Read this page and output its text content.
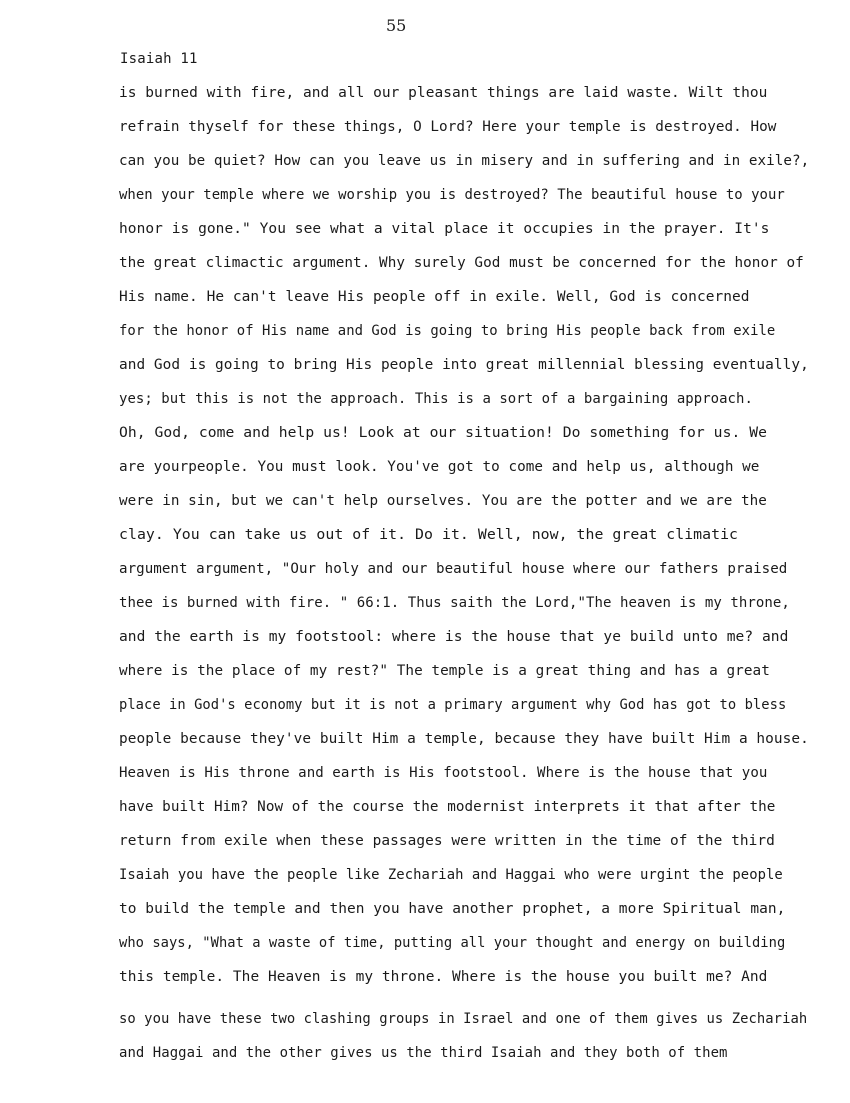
55
Isaiah 11
is burned with fire, and all our pleasant things are laid waste. Wilt thou
refrain thyself for these things, O Lord? Here your temple is destroyed. How
can you be quiet? How can you leave us in misery and in suffering and in exile?,
when your temple where we worship you is destroyed? The beautiful house to your
honor is gone." You see what a vital place it occupies in the prayer. It's
the great climactic argument. Why surely God must be concerned for the honor of
His name. He can't leave His people off in exile. Well, God is concerned
for the honor of His name and God is going to bring His people back from exile
and God is going to bring His people into great millennial blessing eventually,
yes; but this is not the approach. This is a sort of a bargaining approach.
Oh, God, come and help us! Look at our situation! Do something for us. We
are yourpeople. You must look. You've got to come and help us, although we
were in sin, but we can't help ourselves. You are the potter and we are the
clay. You can take us out of it. Do it. Well, now, the great climatic
argument argument, "Our holy and our beautiful house where our fathers praised
thee is burned with fire. " 66:1. Thus saith the Lord,"The heaven is my throne,
and the earth is my footstool: where is the house that ye build unto me? and
where is the place of my rest?" The temple is a great thing and has a great
place in God's economy but it is not a primary argument why God has got to bless
people because they've built Him a temple, because they have built Him a house.
Heaven is His throne and earth is His footstool. Where is the house that you
have built Him? Now of the course the modernist interprets it that after the
return from exile when these passages were written in the time of the third
Isaiah you have the people like Zechariah and Haggai who were urgint the people
to build the temple and then you have another prophet, a more Spiritual man,
who says, "What a waste of time, putting all your thought and energy on building
this temple. The Heaven is my throne. Where is the house you built me? And
so you have these two clashing groups in Israel and one of them gives us Zechariah
and Haggai and the other gives us the third Isaiah and they both of them
